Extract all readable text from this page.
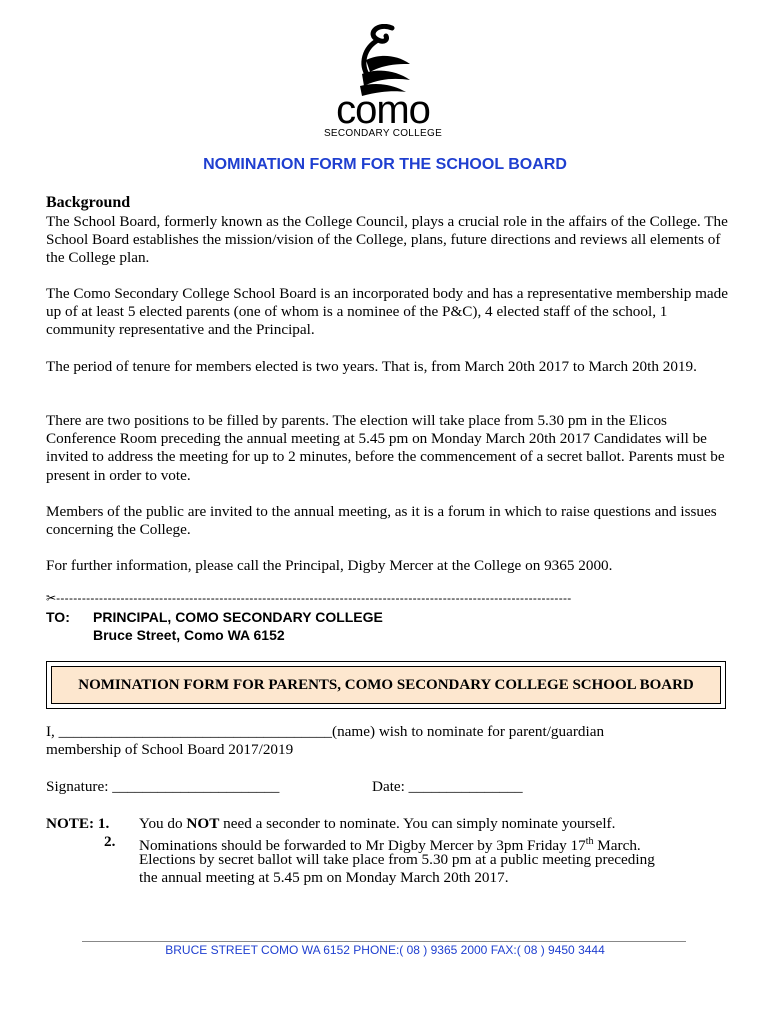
como
SECONDARY COLLEGE
NOMINATION FORM FOR THE SCHOOL BOARD
Background
The School Board, formerly known as the College Council, plays a crucial role in the affairs of the College. The School Board establishes the mission/vision of the College, plans, future directions and reviews all elements of the College plan.
The Como Secondary College School Board is an incorporated body and has a representative membership made up of at least 5 elected parents (one of whom is a nominee of the P&C), 4 elected staff of the school, 1 community representative and the Principal.
The period of tenure for members elected is two years. That is, from March 20th 2017 to March 20th 2019.
There are two positions to be filled by parents. The election will take place from 5.30 pm in the Elicos Conference Room preceding the annual meeting at 5.45 pm on Monday March 20th 2017 Candidates will be invited to address the meeting for up to 2 minutes, before the commencement of a secret ballot. Parents must be present in order to vote.
Members of the public are invited to the annual meeting, as it is a forum in which to raise questions and issues concerning the College.
For further information, please call the Principal, Digby Mercer at the College on 9365 2000.
✂------------------------------------------------------------------------------------------------------------------------
TO: PRINCIPAL, COMO SECONDARY COLLEGE
Bruce Street, Como WA 6152
NOMINATION FORM FOR PARENTS, COMO SECONDARY COLLEGE SCHOOL BOARD
I, ____________________________________(name) wish to nominate for parent/guardian
membership of School Board 2017/2019
Signature: ______________________	Date: _______________
NOTE: 1. You do NOT need a seconder to nominate. You can simply nominate yourself.
2. Nominations should be forwarded to Mr Digby Mercer by 3pm Friday 17th March.
Elections by secret ballot will take place from 5.30 pm at a public meeting preceding
the annual meeting at 5.45 pm on Monday March 20th 2017.
BRUCE STREET COMO WA 6152 PHONE:( 08 ) 9365 2000 FAX:( 08 ) 9450 3444
